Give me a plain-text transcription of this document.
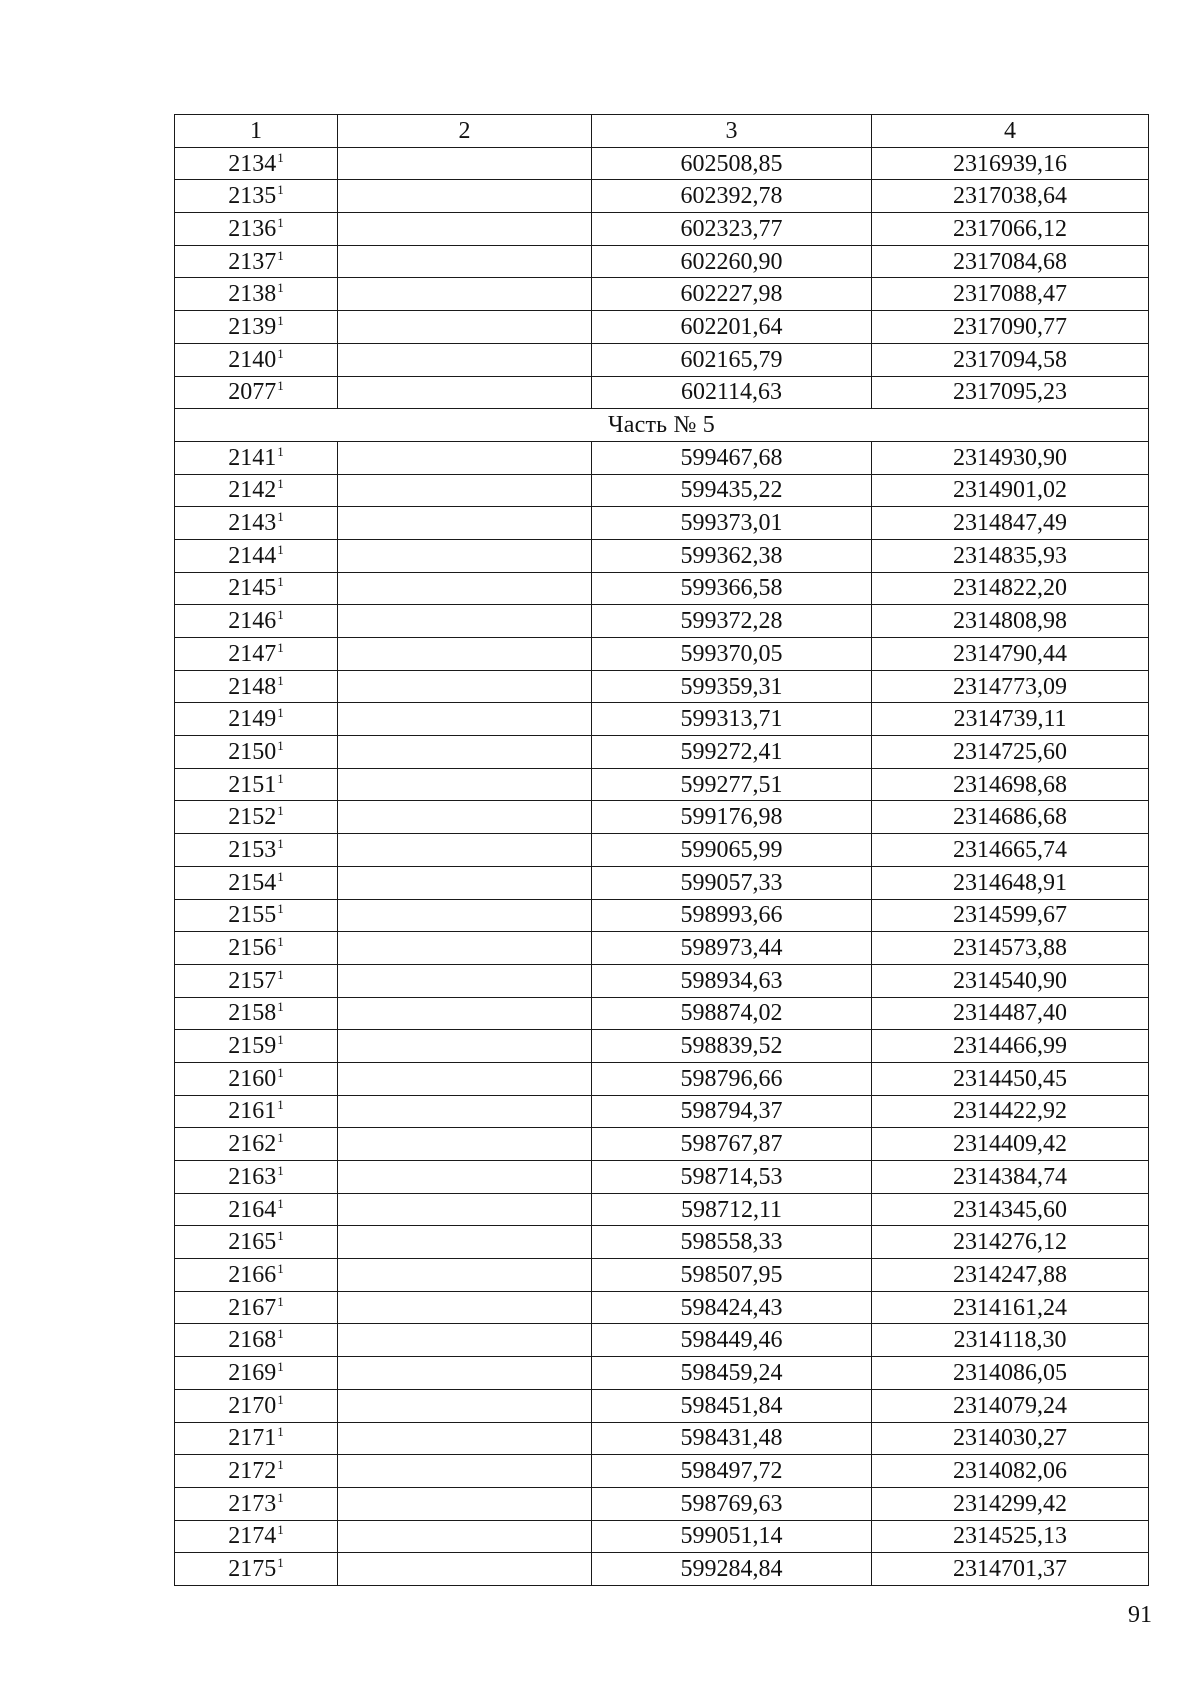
1	2	3	4
2134$^1$		602508,85	2316939,16
2135$^1$		602392,78	2317038,64
2136$^1$		602323,77	2317066,12
2137$^1$		602260,90	2317084,68
2138$^1$		602227,98	2317088,47
2139$^1$		602201,64	2317090,77
2140$^1$		602165,79	2317094,58
2077$^1$		602114,63	2317095,23
Часть № 5			
2141$^1$		599467,68	2314930,90
2142$^1$		599435,22	2314901,02
2143$^1$		599373,01	2314847,49
2144$^1$		599362,38	2314835,93
2145$^1$		599366,58	2314822,20
2146$^1$		599372,28	2314808,98
2147$^1$		599370,05	2314790,44
2148$^1$		599359,31	2314773,09
2149$^1$		599313,71	2314739,11
2150$^1$		599272,41	2314725,60
2151$^1$		599277,51	2314698,68
2152$^1$		599176,98	2314686,68
2153$^1$		599065,99	2314665,74
2154$^1$		599057,33	2314648,91
2155$^1$		598993,66	2314599,67
2156$^1$		598973,44	2314573,88
2157$^1$		598934,63	2314540,90
2158$^1$		598874,02	2314487,40
2159$^1$		598839,52	2314466,99
2160$^1$		598796,66	2314450,45
2161$^1$		598794,37	2314422,92
2162$^1$		598767,87	2314409,42
2163$^1$		598714,53	2314384,74
2164$^1$		598712,11	2314345,60
2165$^1$		598558,33	2314276,12
2166$^1$		598507,95	2314247,88
2167$^1$		598424,43	2314161,24
2168$^1$		598449,46	2314118,30
2169$^1$		598459,24	2314086,05
2170$^1$		598451,84	2314079,24
2171$^1$		598431,48	2314030,27
2172$^1$		598497,72	2314082,06
2173$^1$		598769,63	2314299,42
2174$^1$		599051,14	2314525,13
2175$^1$		599284,84	2314701,37
91
